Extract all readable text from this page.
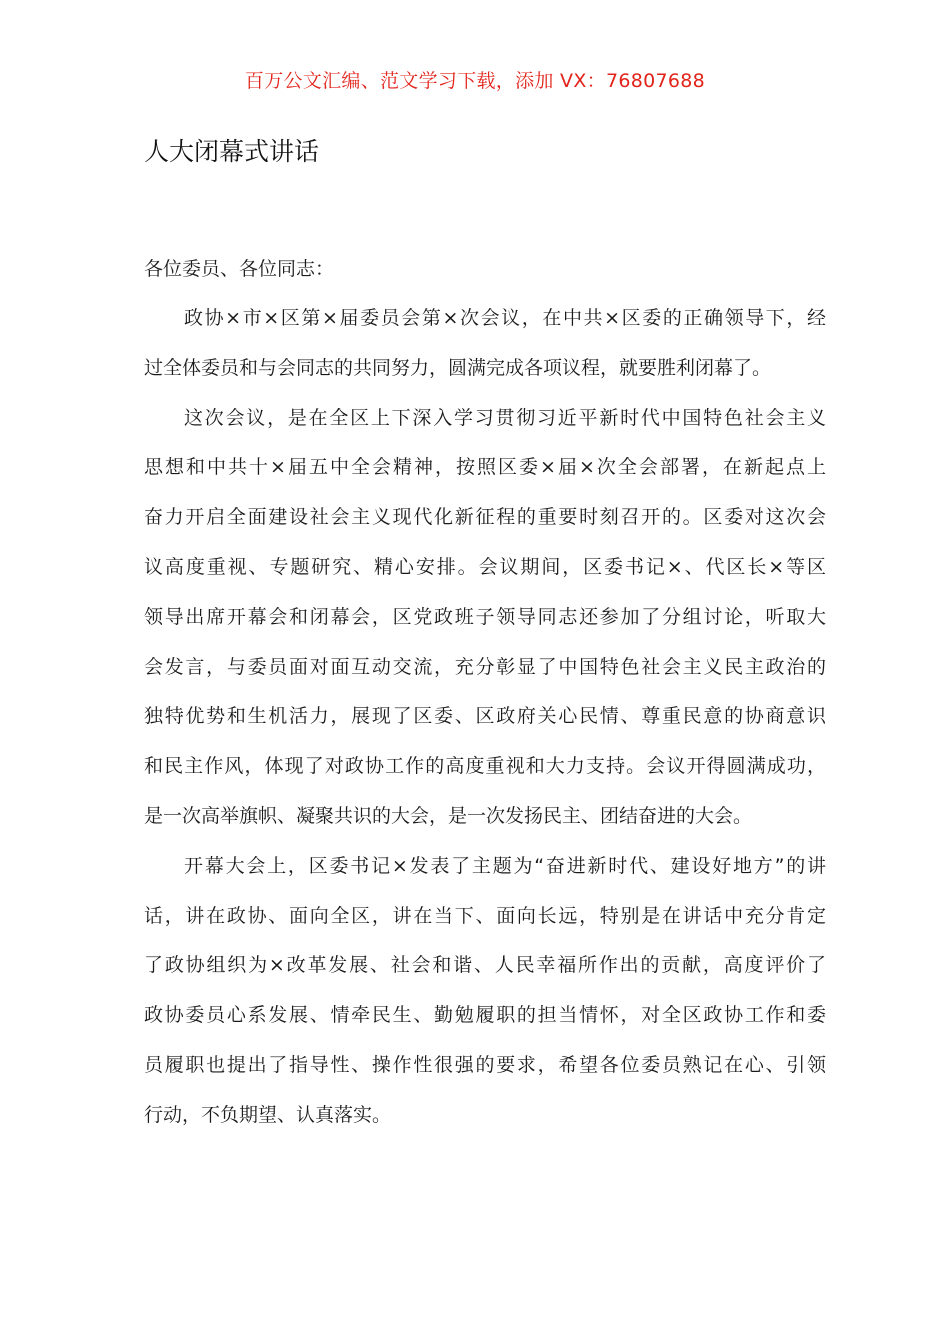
百万公文汇编、范文学习下载，添加 VX：76807688
人大闭幕式讲话

各位委员、各位同志：

政协×市×区第×届委员会第×次会议，在中共×区委的正确领导下，经
过全体委员和与会同志的共同努力，圆满完成各项议程，就要胜利闭幕了。
这次会议，是在全区上下深入学习贯彻习近平新时代中国特色社会主义
思想和中共十×届五中全会精神，按照区委×届×次全会部署，在新起点上
奋力开启全面建设社会主义现代化新征程的重要时刻召开的。区委对这次会
议高度重视、专题研究、精心安排。会议期间，区委书记×、代区长×等区
领导出席开幕会和闭幕会，区党政班子领导同志还参加了分组讨论，听取大
会发言，与委员面对面互动交流，充分彰显了中国特色社会主义民主政治的
独特优势和生机活力，展现了区委、区政府关心民情、尊重民意的协商意识
和民主作风，体现了对政协工作的高度重视和大力支持。会议开得圆满成功，
是一次高举旗帜、凝聚共识的大会，是一次发扬民主、团结奋进的大会。
开幕大会上，区委书记×发表了主题为“奋进新时代、建设好地方”的讲
话，讲在政协、面向全区，讲在当下、面向长远，特别是在讲话中充分肯定
了政协组织为×改革发展、社会和谐、人民幸福所作出的贡献，高度评价了
政协委员心系发展、情牵民生、勤勉履职的担当情怀，对全区政协工作和委
员履职也提出了指导性、操作性很强的要求，希望各位委员熟记在心、引领
行动，不负期望、认真落实。
